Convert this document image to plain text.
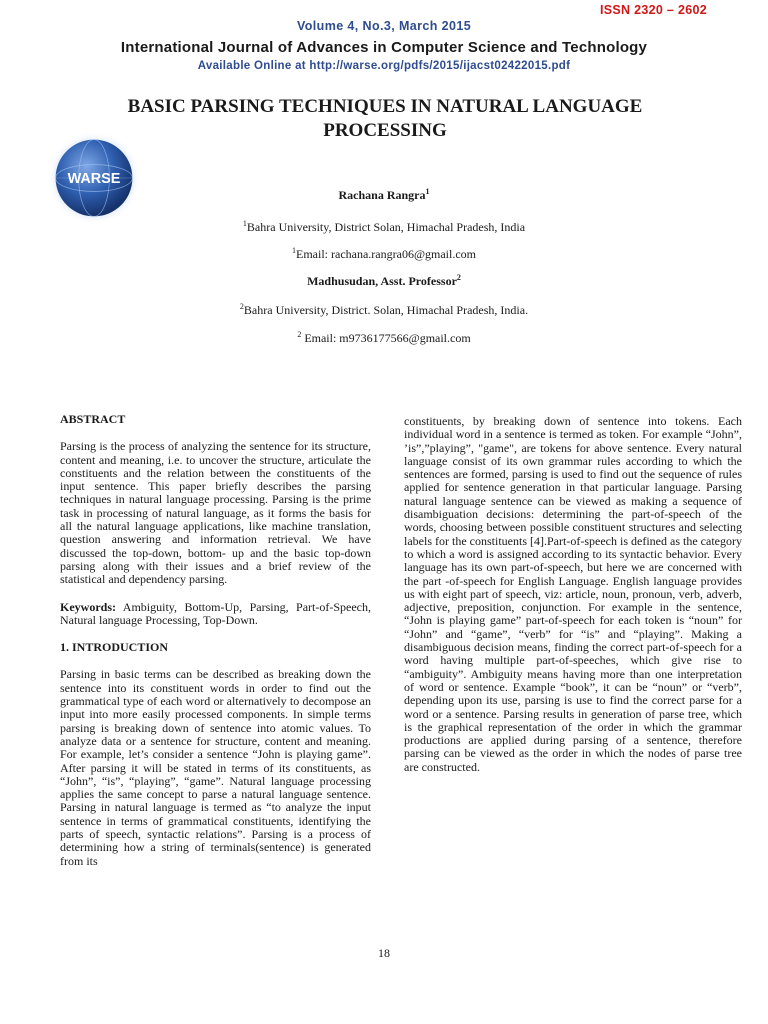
ISSN 2320 – 2602
Volume 4, No.3, March 2015
International Journal of Advances in Computer Science and Technology
Available Online at http://warse.org/pdfs/2015/ijacst02422015.pdf
WARSE
BASIC PARSING TECHNIQUES IN NATURAL LANGUAGE PROCESSING
Rachana Rangra$^1$
$^1$Bahra University, District Solan, Himachal Pradesh, India
$^1$Email: rachana.rangra06@gmail.com
Madhusudan, Asst. Professor$^2$
$^2$Bahra University, District. Solan, Himachal Pradesh, India.
$^2$ Email: m9736177566@gmail.com
ABSTRACT

Parsing is the process of analyzing the sentence for its structure, content and meaning, i.e. to uncover the structure, articulate the constituents and the relation between the constituents of the input sentence. This paper briefly describes the parsing techniques in natural language processing. Parsing is the prime task in processing of natural language, as it forms the basis for all the natural language applications, like machine translation, question answering and information retrieval. We have discussed the top-down, bottom- up and the basic top-down parsing along with their issues and a brief review of the statistical and dependency parsing.

Keywords: Ambiguity, Bottom-Up, Parsing, Part-of-Speech, Natural language Processing, Top-Down.

1. INTRODUCTION

Parsing in basic terms can be described as breaking down the sentence into its constituent words in order to find out the grammatical type of each word or alternatively to decompose an input into more easily processed components. In simple terms parsing is breaking down of sentence into atomic values. To analyze data or a sentence for structure, content and meaning. For example, let’s consider a sentence “John is playing game”. After parsing it will be stated in terms of its constituents, as “John”, “is”, “playing”, “game”. Natural language processing applies the same concept to parse a natural language sentence. Parsing in natural language is termed as “to analyze the input sentence in terms of grammatical constituents, identifying the parts of speech, syntactic relations”. Parsing is a process of determining how a string of terminals(sentence) is generated from its

constituents, by breaking down of sentence into tokens. Each individual word in a sentence is termed as token. For example “John”, ’is”,”playing”, "game", are tokens for above sentence. Every natural language consist of its own grammar rules according to which the sentences are formed, parsing is used to find out the sequence of rules applied for sentence generation in that particular language. Parsing natural language sentence can be viewed as making a sequence of disambiguation decisions: determining the part-of-speech of the words, choosing between possible constituent structures and selecting labels for the constituents [4].Part-of-speech is defined as the category to which a word is assigned according to its syntactic behavior. Every language has its own part-of-speech, but here we are concerned with the part -of-speech for English Language. English language provides us with eight part of speech, viz: article, noun, pronoun, verb, adverb, adjective, preposition, conjunction. For example in the sentence, “John is playing game” part-of-speech for each token is “noun” for “John” and “game”, “verb” for “is” and “playing”. Making a disambiguous decision means, finding the correct part-of-speech for a word having multiple part-of-speeches, which give rise to “ambiguity”. Ambiguity means having more than one interpretation of word or sentence. Example “book”, it can be “noun” or “verb”, depending upon its use, parsing is use to find the correct parse for a word or a sentence. Parsing results in generation of parse tree, which is the graphical representation of the order in which the grammar productions are applied during parsing of a sentence, therefore parsing can be viewed as the order in which the nodes of parse tree are constructed.

18
